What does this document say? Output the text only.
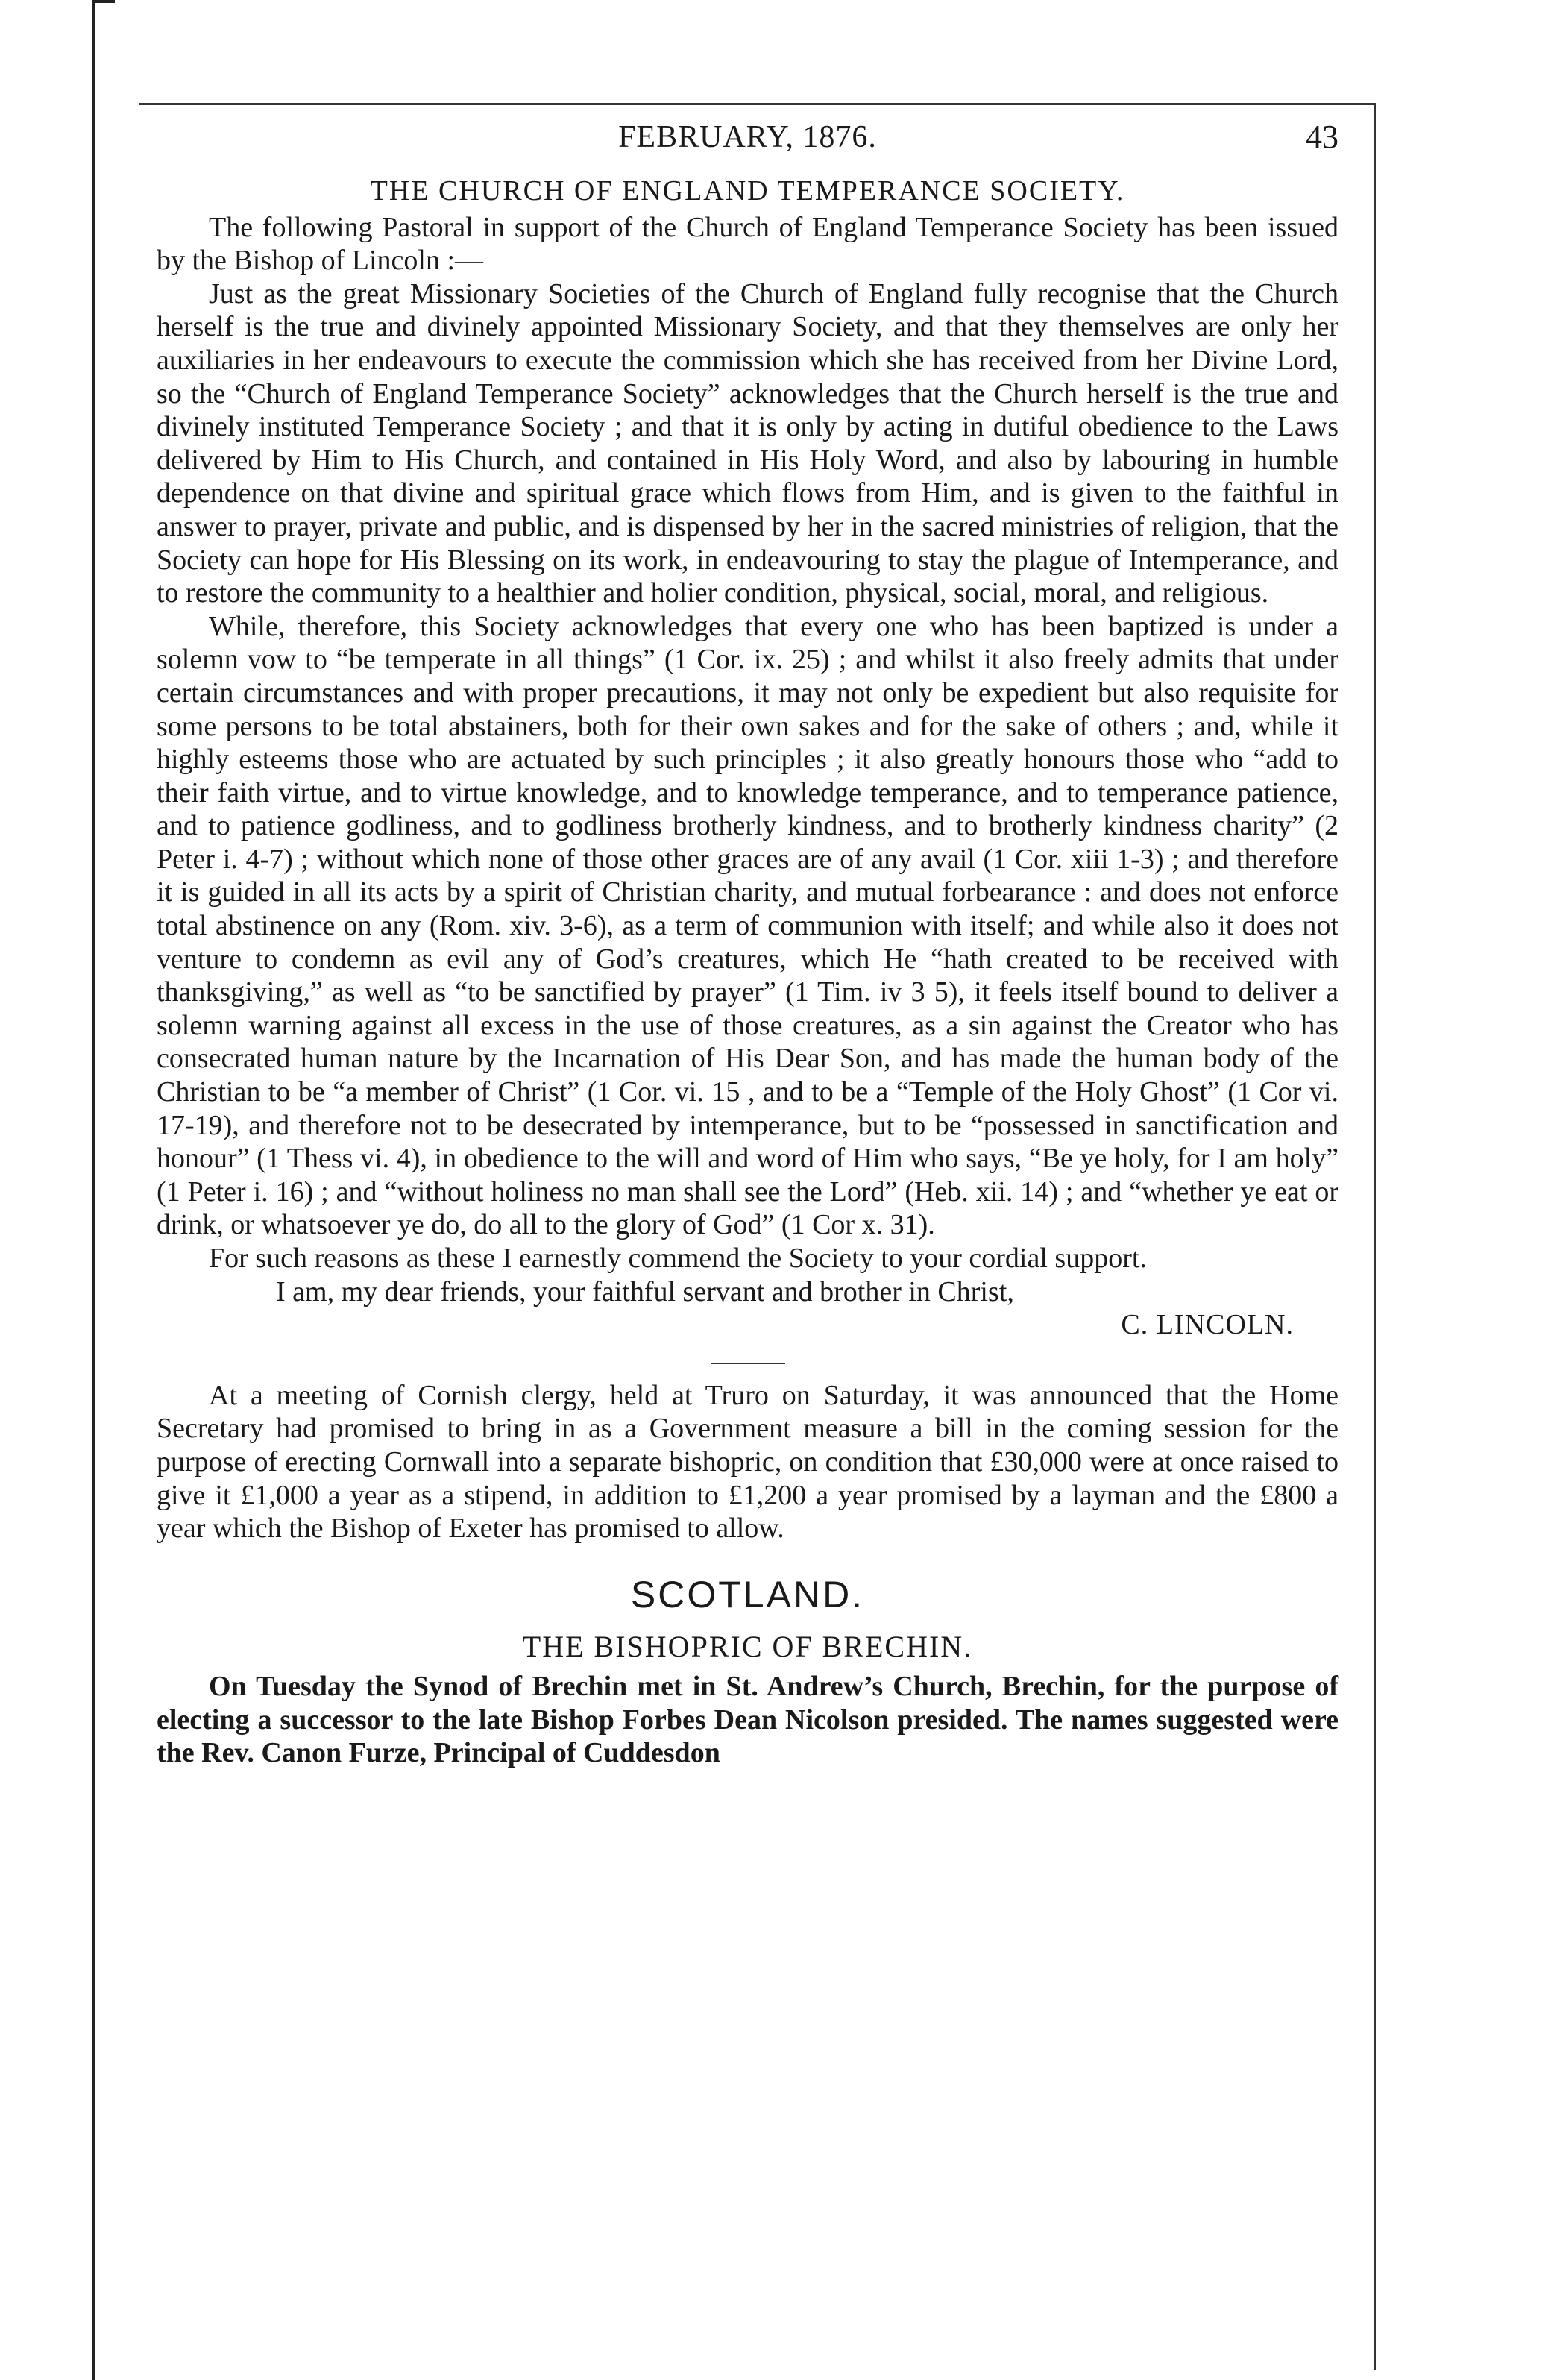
FEBRUARY, 1876.	43
THE CHURCH OF ENGLAND TEMPERANCE SOCIETY.

The following Pastoral in support of the Church of England Temperance Society has been issued by the Bishop of Lincoln :—

Just as the great Missionary Societies of the Church of England fully recognise that the Church herself is the true and divinely appointed Missionary Society, and that they themselves are only her auxiliaries in her endeavours to execute the commission which she has received from her Divine Lord, so the “Church of England Temperance Society” acknowledges that the Church herself is the true and divinely instituted Temperance Society ; and that it is only by acting in dutiful obedience to the Laws delivered by Him to His Church, and contained in His Holy Word, and also by labouring in humble dependence on that divine and spiritual grace which flows from Him, and is given to the faithful in answer to prayer, private and public, and is dispensed by her in the sacred ministries of religion, that the Society can hope for His Blessing on its work, in endeavouring to stay the plague of Intemperance, and to restore the community to a healthier and holier condition, physical, social, moral, and religious.

While, therefore, this Society acknowledges that every one who has been baptized is under a solemn vow to “be temperate in all things” (1 Cor. ix. 25) ; and whilst it also freely admits that under certain circumstances and with proper precautions, it may not only be expedient but also requisite for some persons to be total abstainers, both for their own sakes and for the sake of others ; and, while it highly esteems those who are actuated by such principles ; it also greatly honours those who “add to their faith virtue, and to virtue knowledge, and to knowledge temperance, and to temperance patience, and to patience godliness, and to godliness brotherly kindness, and to brotherly kindness charity” (2 Peter i. 4-7) ; without which none of those other graces are of any avail (1 Cor. xiii 1-3) ; and therefore it is guided in all its acts by a spirit of Christian charity, and mutual forbearance : and does not enforce total abstinence on any (Rom. xiv. 3-6), as a term of communion with itself; and while also it does not venture to condemn as evil any of God’s creatures, which He “hath created to be received with thanksgiving,” as well as “to be sanctified by prayer” (1 Tim. iv 3 5), it feels itself bound to deliver a solemn warning against all excess in the use of those creatures, as a sin against the Creator who has consecrated human nature by the Incarnation of His Dear Son, and has made the human body of the Christian to be “a member of Christ” (1 Cor. vi. 15 , and to be a “Temple of the Holy Ghost” (1 Cor vi. 17-19), and therefore not to be desecrated by intemperance, but to be “possessed in sanctification and honour” (1 Thess vi. 4), in obedience to the will and word of Him who says, “Be ye holy, for I am holy” (1 Peter i. 16) ; and “without holiness no man shall see the Lord” (Heb. xii. 14) ; and “whether ye eat or drink, or whatsoever ye do, do all to the glory of God” (1 Cor x. 31).

For such reasons as these I earnestly commend the Society to your cordial support.

I am, my dear friends, your faithful servant and brother in Christ,

C. LINCOLN.

At a meeting of Cornish clergy, held at Truro on Saturday, it was announced that the Home Secretary had promised to bring in as a Government measure a bill in the coming session for the purpose of erecting Cornwall into a separate bishopric, on condition that £30,000 were at once raised to give it £1,000 a year as a stipend, in addition to £1,200 a year promised by a layman and the £800 a year which the Bishop of Exeter has promised to allow.

SCOTLAND.
THE BISHOPRIC OF BRECHIN.

On Tuesday the Synod of Brechin met in St. Andrew’s Church, Brechin, for the purpose of electing a successor to the late Bishop Forbes Dean Nicolson presided. The names suggested were the Rev. Canon Furze, Principal of Cuddesdon
